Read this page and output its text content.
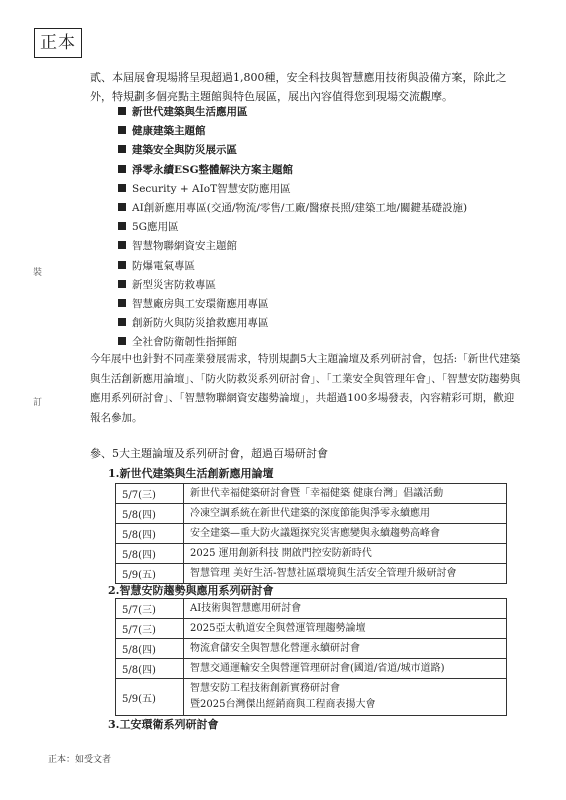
正本
裝
訂
貳、本屆展會現場將呈現超過1,800種，安全科技與智慧應用技術與設備方案，除此之外，特規劃多個亮點主題館與特色展區，展出內容值得您到現場交流觀摩。
新世代建築與生活應用區
健康建築主題館
建築安全與防災展示區
淨零永續ESG整體解決方案主題館
Security + AIoT智慧安防應用區
AI創新應用專區(交通/物流/零售/工廠/醫療長照/建築工地/關鍵基礎設施)
5G應用區
智慧物聯網資安主題館
防爆電氣專區
新型災害防救專區
智慧廠房與工安環衛應用專區
創新防火與防災搶救應用專區
全社會防衛韌性指揮館
今年展中也針對不同產業發展需求，特別規劃5大主題論壇及系列研討會，包括:「新世代建築與生活創新應用論壇」、「防火防救災系列研討會」、「工業安全與管理年會」、「智慧安防趨勢與應用系列研討會」、「智慧物聯網資安趨勢論壇」，共超過100多場發表，內容精彩可期，歡迎報名參加。
參、5大主題論壇及系列研討會，超過百場研討會
1.新世代建築與生活創新應用論壇
5/7(三)	新世代幸福健築研討會暨「幸福健築 健康台灣」倡議活動

5/8(四)	冷凍空調系統在新世代建築的深度節能與淨零永續應用

5/8(四)	安全建築—重大防火議題探究災害應變與永續趨勢高峰會

5/8(四)	2025 運用創新科技 開啟門控安防新時代

5/9(五)	智慧管理 美好生活-智慧社區環境與生活安全管理升級研討會
2.智慧安防趨勢與應用系列研討會
5/7(三)	AI技術與智慧應用研討會

5/7(三)	2025亞太軌道安全與營運管理趨勢論壇

5/8(四)	物流倉儲安全與智慧化營運永續研討會

5/8(四)	智慧交通運輸安全與營運管理研討會(國道/省道/城市道路)

5/9(五)	智慧安防工程技術創新實務研討會
暨2025台灣傑出經銷商與工程商表揚大會
3.工安環衛系列研討會
正本：如受文者
